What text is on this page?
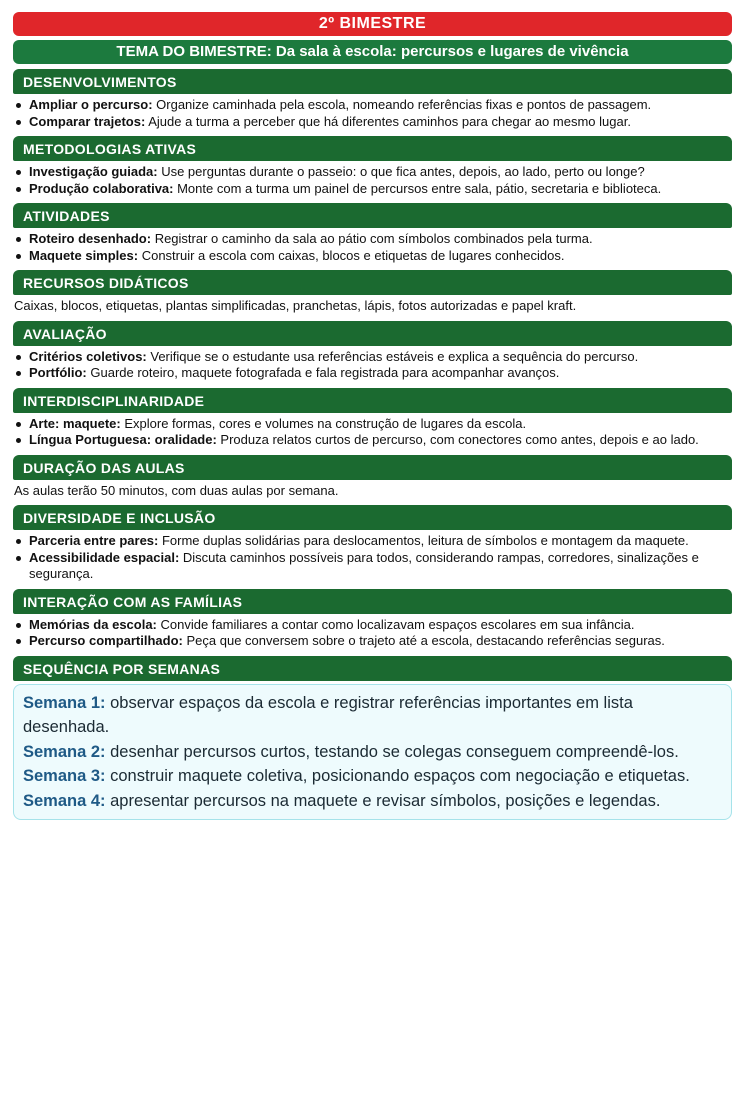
2º BIMESTRE
TEMA DO BIMESTRE: Da sala à escola: percursos e lugares de vivência
DESENVOLVIMENTOS
Ampliar o percurso: Organize caminhada pela escola, nomeando referências fixas e pontos de passagem.
Comparar trajetos: Ajude a turma a perceber que há diferentes caminhos para chegar ao mesmo lugar.
METODOLOGIAS ATIVAS
Investigação guiada: Use perguntas durante o passeio: o que fica antes, depois, ao lado, perto ou longe?
Produção colaborativa: Monte com a turma um painel de percursos entre sala, pátio, secretaria e biblioteca.
ATIVIDADES
Roteiro desenhado: Registrar o caminho da sala ao pátio com símbolos combinados pela turma.
Maquete simples: Construir a escola com caixas, blocos e etiquetas de lugares conhecidos.
RECURSOS DIDÁTICOS
Caixas, blocos, etiquetas, plantas simplificadas, pranchetas, lápis, fotos autorizadas e papel kraft.
AVALIAÇÃO
Critérios coletivos: Verifique se o estudante usa referências estáveis e explica a sequência do percurso.
Portfólio: Guarde roteiro, maquete fotografada e fala registrada para acompanhar avanços.
INTERDISCIPLINARIDADE
Arte: maquete: Explore formas, cores e volumes na construção de lugares da escola.
Língua Portuguesa: oralidade: Produza relatos curtos de percurso, com conectores como antes, depois e ao lado.
DURAÇÃO DAS AULAS
As aulas terão 50 minutos, com duas aulas por semana.
DIVERSIDADE E INCLUSÃO
Parceria entre pares: Forme duplas solidárias para deslocamentos, leitura de símbolos e montagem da maquete.
Acessibilidade espacial: Discuta caminhos possíveis para todos, considerando rampas, corredores, sinalizações e segurança.
INTERAÇÃO COM AS FAMÍLIAS
Memórias da escola: Convide familiares a contar como localizavam espaços escolares em sua infância.
Percurso compartilhado: Peça que conversem sobre o trajeto até a escola, destacando referências seguras.
SEQUÊNCIA POR SEMANAS
Semana 1: observar espaços da escola e registrar referências importantes em lista desenhada.
Semana 2: desenhar percursos curtos, testando se colegas conseguem compreendê-los.
Semana 3: construir maquete coletiva, posicionando espaços com negociação e etiquetas.
Semana 4: apresentar percursos na maquete e revisar símbolos, posições e legendas.
